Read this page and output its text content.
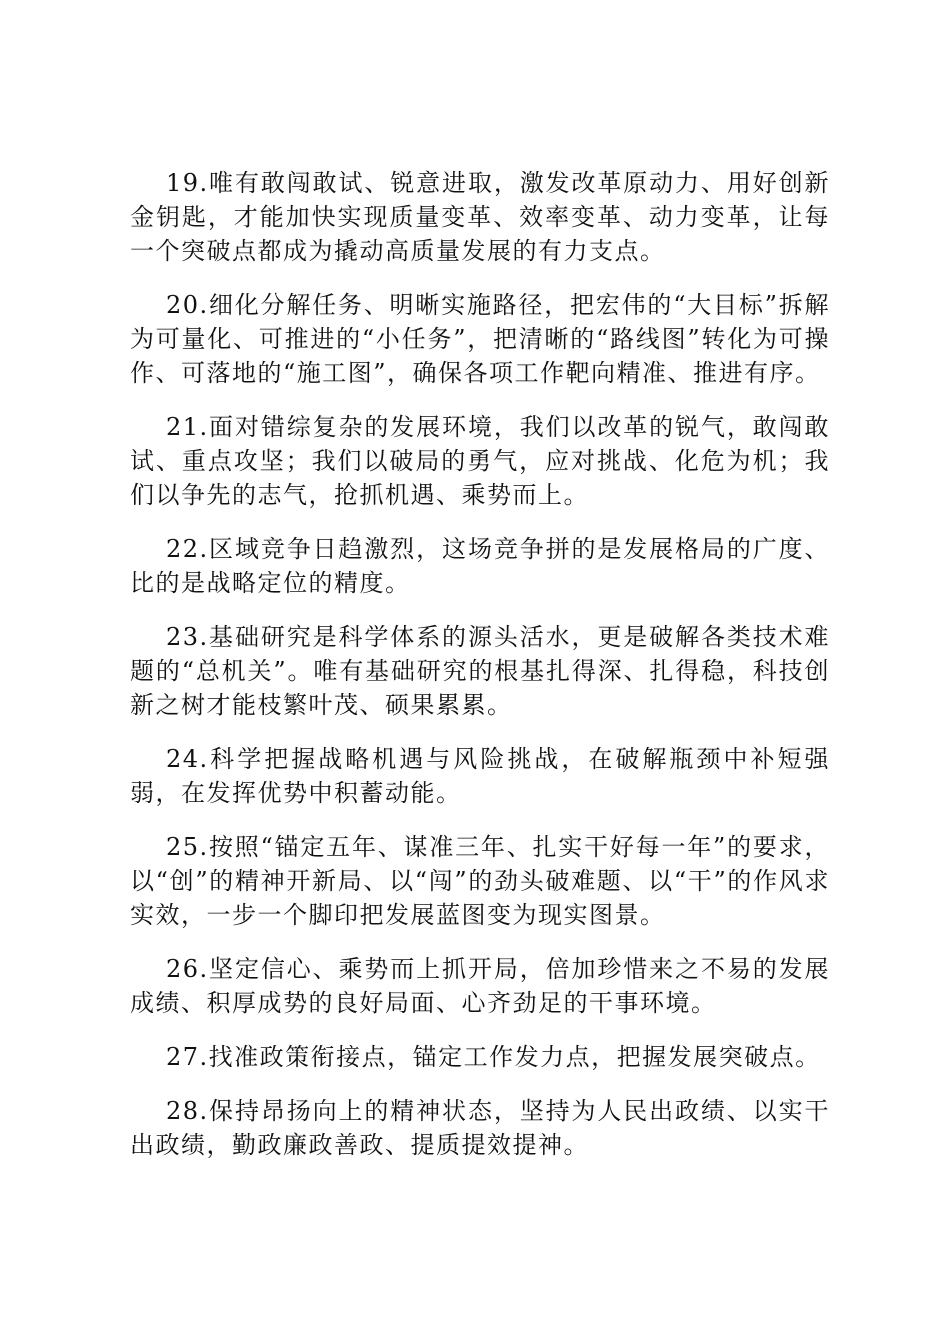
19.唯有敢闯敢试、锐意进取，激发改革原动力、用好创新金钥匙，才能加快实现质量变革、效率变革、动力变革，让每一个突破点都成为撬动高质量发展的有力支点。

20.细化分解任务、明晰实施路径，把宏伟的“大目标”拆解为可量化、可推进的“小任务”，把清晰的“路线图”转化为可操作、可落地的“施工图”，确保各项工作靶向精准、推进有序。

21.面对错综复杂的发展环境，我们以改革的锐气，敢闯敢试、重点攻坚；我们以破局的勇气，应对挑战、化危为机；我们以争先的志气，抢抓机遇、乘势而上。

22.区域竞争日趋激烈，这场竞争拼的是发展格局的广度、比的是战略定位的精度。

23.基础研究是科学体系的源头活水，更是破解各类技术难题的“总机关”。唯有基础研究的根基扎得深、扎得稳，科技创新之树才能枝繁叶茂、硕果累累。

24.科学把握战略机遇与风险挑战，在破解瓶颈中补短强弱，在发挥优势中积蓄动能。

25.按照“锚定五年、谋准三年、扎实干好每一年”的要求，以“创”的精神开新局、以“闯”的劲头破难题、以“干”的作风求实效，一步一个脚印把发展蓝图变为现实图景。

26.坚定信心、乘势而上抓开局，倍加珍惜来之不易的发展成绩、积厚成势的良好局面、心齐劲足的干事环境。

27.找准政策衔接点，锚定工作发力点，把握发展突破点。

28.保持昂扬向上的精神状态，坚持为人民出政绩、以实干出政绩，勤政廉政善政、提质提效提神。
